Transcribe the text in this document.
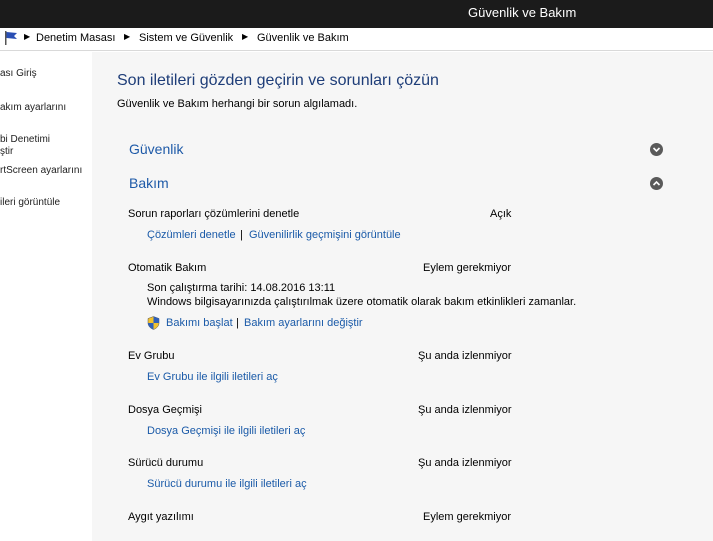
Güvenlik ve Bakım
▶ Denetim Masası ▶ Sistem ve Güvenlik ▶ Güvenlik ve Bakım
ası Giriş
akım ayarlarını
bi Denetimi
ştir
rtScreen ayarlarını
ileri görüntüle
Son iletileri gözden geçirin ve sorunları çözün
Güvenlik ve Bakım herhangi bir sorun algılamadı.
Güvenlik
Bakım
Sorun raporları çözümlerini denetle	Açık
Çözümleri denetle | Güvenilirlik geçmişini görüntüle
Otomatik Bakım	Eylem gerekmiyor
Son çalıştırma tarihi: 14.08.2016 13:11
Windows bilgisayarınızda çalıştırılmak üzere otomatik olarak bakım etkinlikleri zamanlar.
Bakımı başlat | Bakım ayarlarını değiştir
Ev Grubu	Şu anda izlenmiyor
Ev Grubu ile ilgili iletileri aç
Dosya Geçmişi	Şu anda izlenmiyor
Dosya Geçmişi ile ilgili iletileri aç
Sürücü durumu	Şu anda izlenmiyor
Sürücü durumu ile ilgili iletileri aç
Aygıt yazılımı	Eylem gerekmiyor
